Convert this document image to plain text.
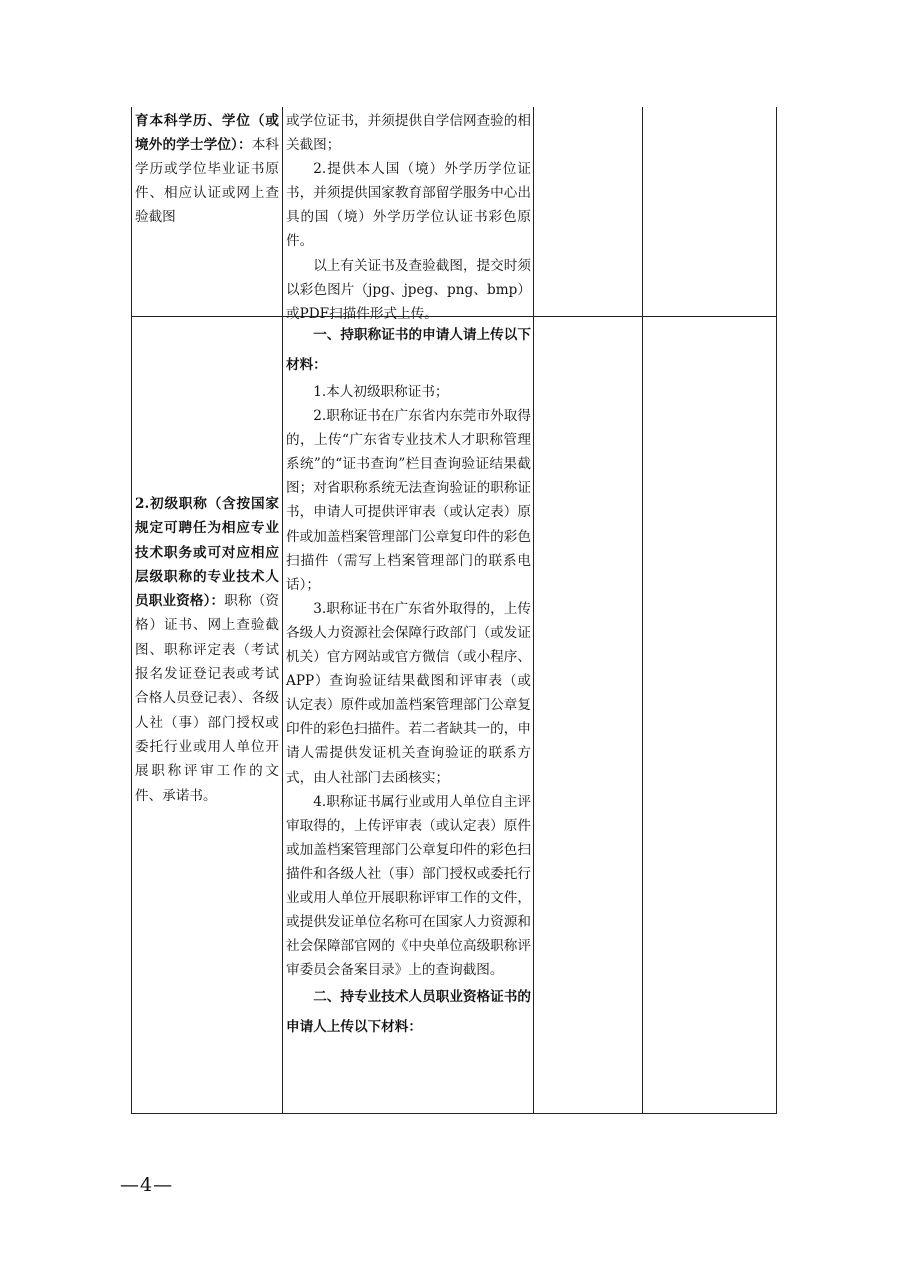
育本科学历、学位（或境外的学士学位）：本科学历或学位毕业证书原件、相应认证或网上查验截图

或学位证书，并须提供自学信网查验的相关截图；

2.提供本人国（境）外学历学位证书，并须提供国家教育部留学服务中心出具的国（境）外学历学位认证书彩色原件。

以上有关证书及查验截图，提交时须以彩色图片（jpg、jpeg、png、bmp）或PDF扫描件形式上传。

2.初级职称（含按国家规定可聘任为相应专业技术职务或可对应相应层级职称的专业技术人员职业资格）：职称（资格）证书、网上查验截图、职称评定表（考试报名发证登记表或考试合格人员登记表）、各级人社（事）部门授权或委托行业或用人单位开展职称评审工作的文件、承诺书。

一、持职称证书的申请人请上传以下材料：

1.本人初级职称证书；

2.职称证书在广东省内东莞市外取得的，上传“广东省专业技术人才职称管理系统”的“证书查询”栏目查询验证结果截图；对省职称系统无法查询验证的职称证书，申请人可提供评审表（或认定表）原件或加盖档案管理部门公章复印件的彩色扫描件（需写上档案管理部门的联系电话）；

3.职称证书在广东省外取得的，上传各级人力资源社会保障行政部门（或发证机关）官方网站或官方微信（或小程序、APP）查询验证结果截图和评审表（或认定表）原件或加盖档案管理部门公章复印件的彩色扫描件。若二者缺其一的，申请人需提供发证机关查询验证的联系方式，由人社部门去函核实；

4.职称证书属行业或用人单位自主评审取得的，上传评审表（或认定表）原件或加盖档案管理部门公章复印件的彩色扫描件和各级人社（事）部门授权或委托行业或用人单位开展职称评审工作的文件，或提供发证单位名称可在国家人力资源和社会保障部官网的《中央单位高级职称评审委员会备案目录》上的查询截图。

二、持专业技术人员职业资格证书的申请人上传以下材料：

—4—
